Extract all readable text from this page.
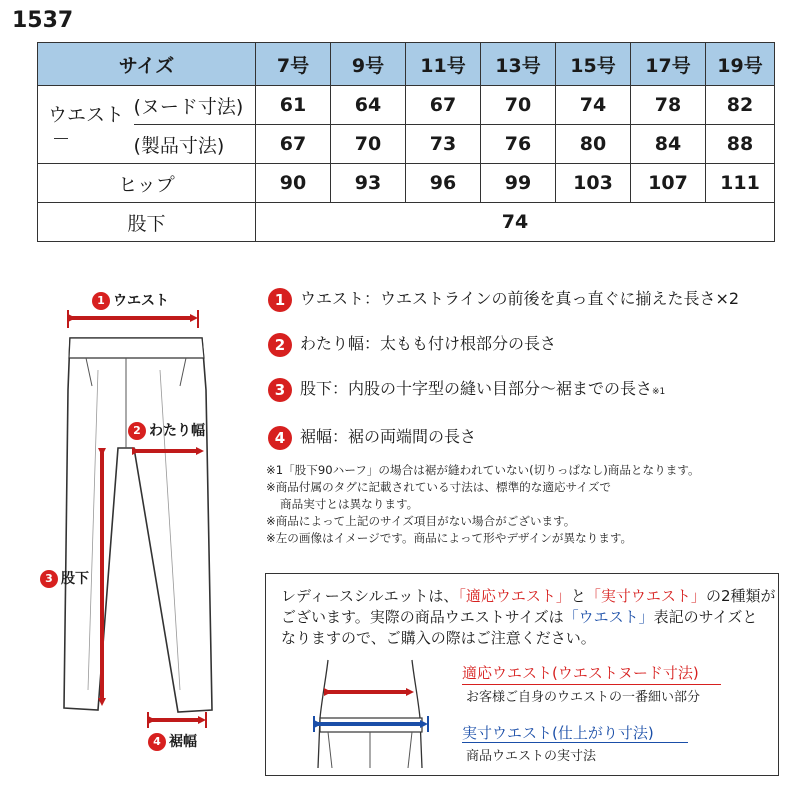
1537
サイズ		7号	9号	11号	13号	15号	17号	19号
ウエスト	(ヌード寸法)	61	64	67	70	74	78	82
	(製品寸法)	67	70	73	76	80	84	88
ヒップ		90	93	96	99	103	107	111
股下		74						
1 ウエスト
2 わたり幅
3 股下
4 裾幅
1 ウエスト：ウエストラインの前後を真っ直ぐに揃えた長さ×2
2 わたり幅：太もも付け根部分の長さ
3 股下：内股の十字型の縫い目部分〜裾までの長さ※1
4 裾幅：裾の両端間の長さ
※1「股下90ハーフ」の場合は裾が縫われていない(切りっぱなし)商品となります。
※商品付属のタグに記載されている寸法は、標準的な適応サイズで
商品実寸とは異なります。
※商品によって上記のサイズ項目がない場合がございます。
※左の画像はイメージです。商品によって形やデザインが異なります。
レディースシルエットは、「適応ウエスト」と「実寸ウエスト」の2種類が
ございます。実際の商品ウエストサイズは「ウエスト」表記のサイズと
なりますので、ご購入の際はご注意ください。
適応ウエスト(ウエストヌード寸法)
お客様ご自身のウエストの一番細い部分
実寸ウエスト(仕上がり寸法)
商品ウエストの実寸法
